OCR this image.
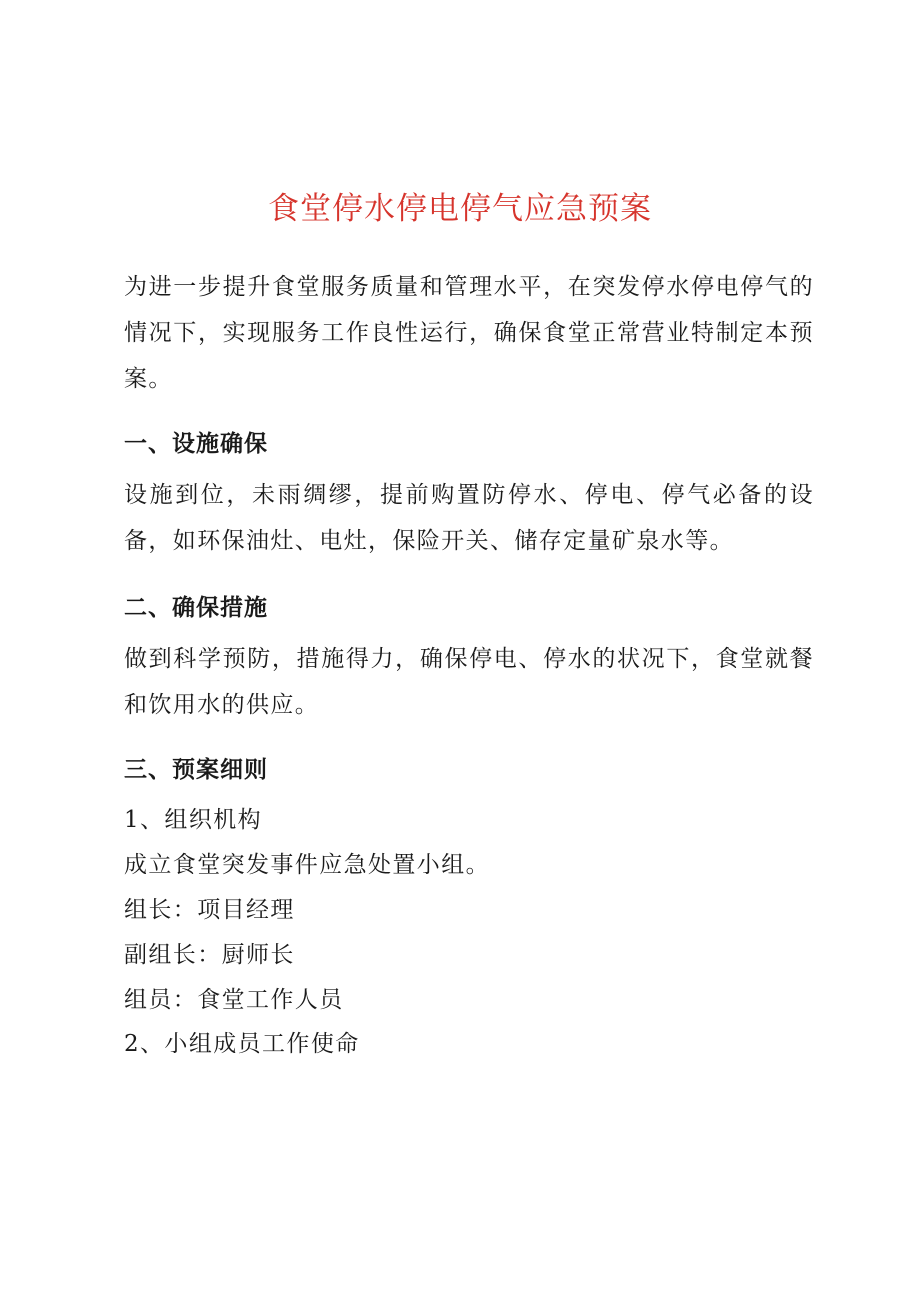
食堂停水停电停气应急预案

为进一步提升食堂服务质量和管理水平，在突发停水停电停气的情况下，实现服务工作良性运行，确保食堂正常营业特制定本预案。

一、设施确保

设施到位，未雨绸缪，提前购置防停水、停电、停气必备的设备，如环保油灶、电灶，保险开关、储存定量矿泉水等。

二、确保措施

做到科学预防，措施得力，确保停电、停水的状况下，食堂就餐和饮用水的供应。

三、预案细则

1、组织机构

成立食堂突发事件应急处置小组。

组长：项目经理

副组长：厨师长

组员：食堂工作人员

2、小组成员工作使命
